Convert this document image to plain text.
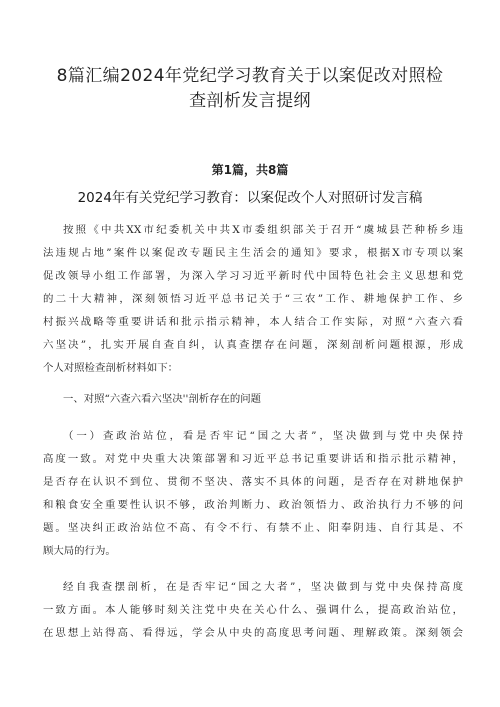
8篇汇编2024年党纪学习教育关于以案促改对照检
查剖析发言提纲
第1篇，共8篇
2024年有关党纪学习教育：以案促改个人对照研讨发言稿
按照《中共XX市纪委机关中共X市委组织部关于召开“虞城县芒种桥乡违
法违规占地”案件以案促改专题民主生活会的通知》要求，根据X市专项以案
促改领导小组工作部署，为深入学习习近平新时代中国特色社会主义思想和党
的二十大精神，深刻领悟习近平总书记关于“三农”工作、耕地保护工作、乡
村振兴战略等重要讲话和批示指示精神，本人结合工作实际，对照“六查六看
六坚决”，扎实开展自查自纠，认真查摆存在问题，深刻剖析问题根源，形成
个人对照检查剖析材料如下：
一、对照“六查六看六坚决''剖析存在的问题
（一）查政治站位，看是否牢记“国之大者”，坚决做到与党中央保持
高度一致。对党中央重大决策部署和习近平总书记重要讲话和指示批示精神，
是否存在认识不到位、贯彻不坚决、落实不具体的问题，是否存在对耕地保护
和粮食安全重要性认识不够，政治判断力、政治领悟力、政治执行力不够的问
题。坚决纠正政治站位不高、有令不行、有禁不止、阳奉阴违、自行其是、不
顾大局的行为。
经自我查摆剖析，在是否牢记“国之大者”，坚决做到与党中央保持高度
一致方面。本人能够时刻关注党中央在关心什么、强调什么，提高政治站位，
在思想上站得高、看得远，学会从中央的高度思考问题、理解政策。深刻领会
